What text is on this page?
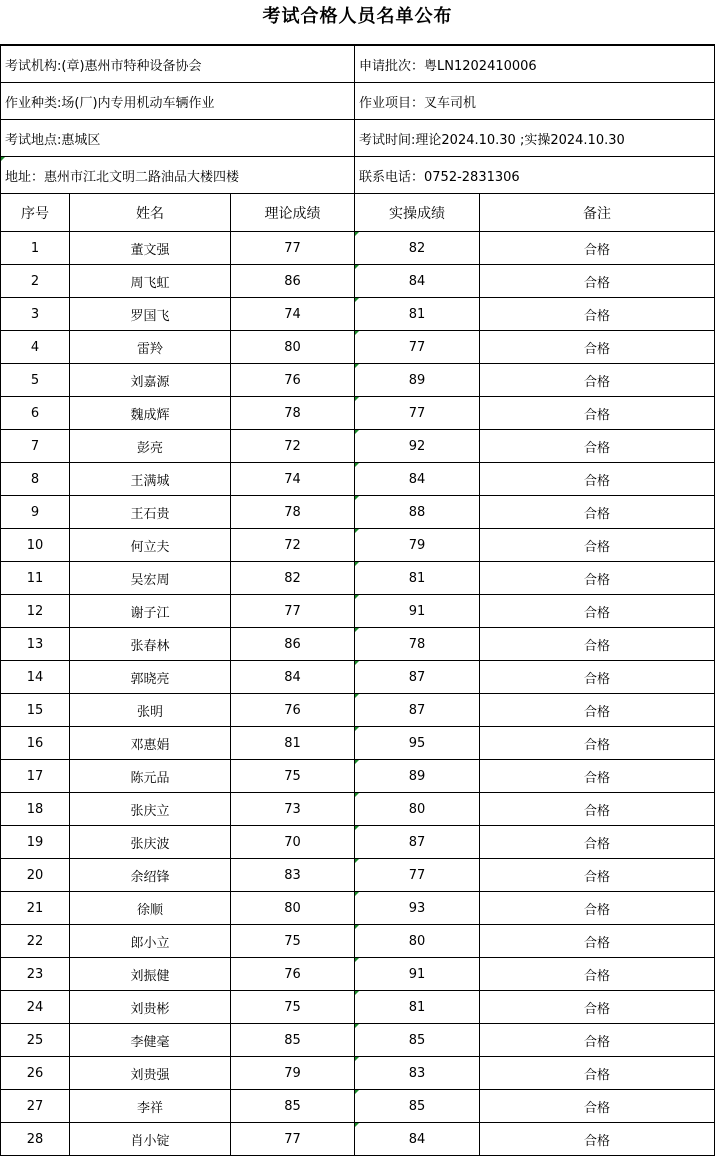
考试合格人员名单公布
考试机构:(章)惠州市特种设备协会			申请批次：粤LN1202410006	
作业种类:场(厂)内专用机动车辆作业			作业项目：叉车司机	
考试地点:惠城区			考试时间:理论2024.10.30 ;实操2024.10.30	
地址：惠州市江北文明二路油品大楼四楼			联系电话：0752-2831306	
序号	姓名	理论成绩	实操成绩	备注
1	董文强	77	82	合格
2	周飞虹	86	84	合格
3	罗国飞	74	81	合格
4	雷羚	80	77	合格
5	刘嘉源	76	89	合格
6	魏成辉	78	77	合格
7	彭亮	72	92	合格
8	王满城	74	84	合格
9	王石贵	78	88	合格
10	何立夫	72	79	合格
11	吴宏周	82	81	合格
12	谢子江	77	91	合格
13	张春林	86	78	合格
14	郭晓亮	84	87	合格
15	张明	76	87	合格
16	邓惠娟	81	95	合格
17	陈元品	75	89	合格
18	张庆立	73	80	合格
19	张庆波	70	87	合格
20	余绍锋	83	77	合格
21	徐顺	80	93	合格
22	郎小立	75	80	合格
23	刘振健	76	91	合格
24	刘贵彬	75	81	合格
25	李健毫	85	85	合格
26	刘贵强	79	83	合格
27	李祥	85	85	合格
28	肖小锭	77	84	合格
